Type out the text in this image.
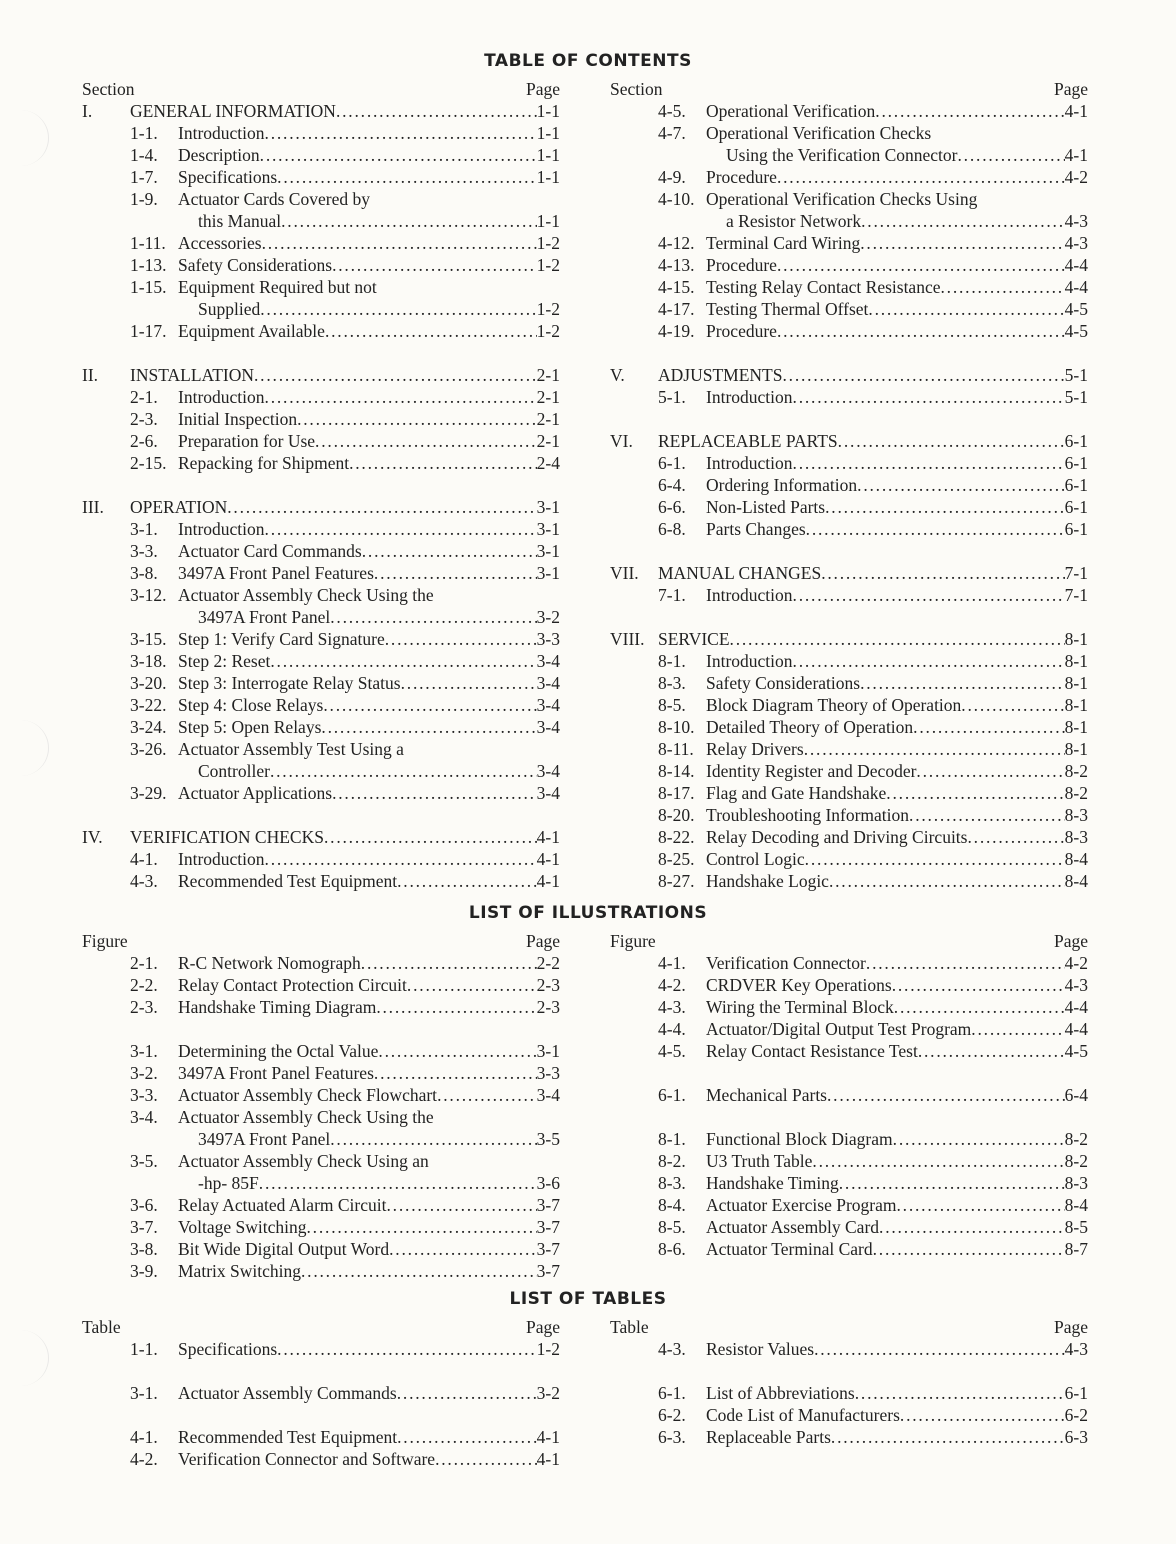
TABLE OF CONTENTS
Section	Page
I. GENERAL INFORMATION .....	1-1
1-1. Introduction .....	1-1
1-4. Description .....	1-1
1-7. Specifications .....	1-1
1-9. Actuator Cards Covered by
this Manual .....	1-1
1-11. Accessories .....	1-2
1-13. Safety Considerations .....	1-2
1-15. Equipment Required but not
Supplied .....	1-2
1-17. Equipment Available .....	1-2
II. INSTALLATION .....	2-1
2-1. Introduction .....	2-1
2-3. Initial Inspection .....	2-1
2-6. Preparation for Use .....	2-1
2-15. Repacking for Shipment .....	2-4
III. OPERATION .....	3-1
3-1. Introduction .....	3-1
3-3. Actuator Card Commands .....	3-1
3-8. 3497A Front Panel Features .....	3-1
3-12. Actuator Assembly Check Using the
3497A Front Panel .....	3-2
3-15. Step 1: Verify Card Signature .....	3-3
3-18. Step 2: Reset .....	3-4
3-20. Step 3: Interrogate Relay Status .....	3-4
3-22. Step 4: Close Relays .....	3-4
3-24. Step 5: Open Relays .....	3-4
3-26. Actuator Assembly Test Using a
Controller .....	3-4
3-29. Actuator Applications .....	3-4
IV. VERIFICATION CHECKS .....	4-1
4-1. Introduction .....	4-1
4-3. Recommended Test Equipment .....	4-1
Section	Page
4-5. Operational Verification .....	4-1
4-7. Operational Verification Checks
Using the Verification Connector .....	4-1
4-9. Procedure .....	4-2
4-10. Operational Verification Checks Using
a Resistor Network .....	4-3
4-12. Terminal Card Wiring .....	4-3
4-13. Procedure .....	4-4
4-15. Testing Relay Contact Resistance .....	4-4
4-17. Testing Thermal Offset .....	4-5
4-19. Procedure .....	4-5
V. ADJUSTMENTS .....	5-1
5-1. Introduction .....	5-1
VI. REPLACEABLE PARTS .....	6-1
6-1. Introduction .....	6-1
6-4. Ordering Information .....	6-1
6-6. Non-Listed Parts .....	6-1
6-8. Parts Changes .....	6-1
VII. MANUAL CHANGES .....	7-1
7-1. Introduction .....	7-1
VIII. SERVICE .....	8-1
8-1. Introduction .....	8-1
8-3. Safety Considerations .....	8-1
8-5. Block Diagram Theory of Operation .....	8-1
8-10. Detailed Theory of Operation .....	8-1
8-11. Relay Drivers .....	8-1
8-14. Identity Register and Decoder .....	8-2
8-17. Flag and Gate Handshake .....	8-2
8-20. Troubleshooting Information .....	8-3
8-22. Relay Decoding and Driving Circuits .....	8-3
8-25. Control Logic .....	8-4
8-27. Handshake Logic .....	8-4
LIST OF ILLUSTRATIONS
Figure	Page
2-1. R-C Network Nomograph .....	2-2
2-2. Relay Contact Protection Circuit .....	2-3
2-3. Handshake Timing Diagram .....	2-3
3-1. Determining the Octal Value .....	3-1
3-2. 3497A Front Panel Features .....	3-3
3-3. Actuator Assembly Check Flowchart .....	3-4
3-4. Actuator Assembly Check Using the
3497A Front Panel .....	3-5
3-5. Actuator Assembly Check Using an
-hp- 85F .....	3-6
3-6. Relay Actuated Alarm Circuit .....	3-7
3-7. Voltage Switching .....	3-7
3-8. Bit Wide Digital Output Word .....	3-7
3-9. Matrix Switching .....	3-7
Figure	Page
4-1. Verification Connector .....	4-2
4-2. CRDVER Key Operations .....	4-3
4-3. Wiring the Terminal Block .....	4-4
4-4. Actuator/Digital Output Test Program .....	4-4
4-5. Relay Contact Resistance Test .....	4-5
6-1. Mechanical Parts .....	6-4
8-1. Functional Block Diagram .....	8-2
8-2. U3 Truth Table .....	8-2
8-3. Handshake Timing .....	8-3
8-4. Actuator Exercise Program .....	8-4
8-5. Actuator Assembly Card .....	8-5
8-6. Actuator Terminal Card .....	8-7
LIST OF TABLES
Table	Page
1-1. Specifications .....	1-2
3-1. Actuator Assembly Commands .....	3-2
4-1. Recommended Test Equipment .....	4-1
4-2. Verification Connector and Software .....	4-1
Table	Page
4-3. Resistor Values .....	4-3
6-1. List of Abbreviations .....	6-1
6-2. Code List of Manufacturers .....	6-2
6-3. Replaceable Parts .....	6-3
